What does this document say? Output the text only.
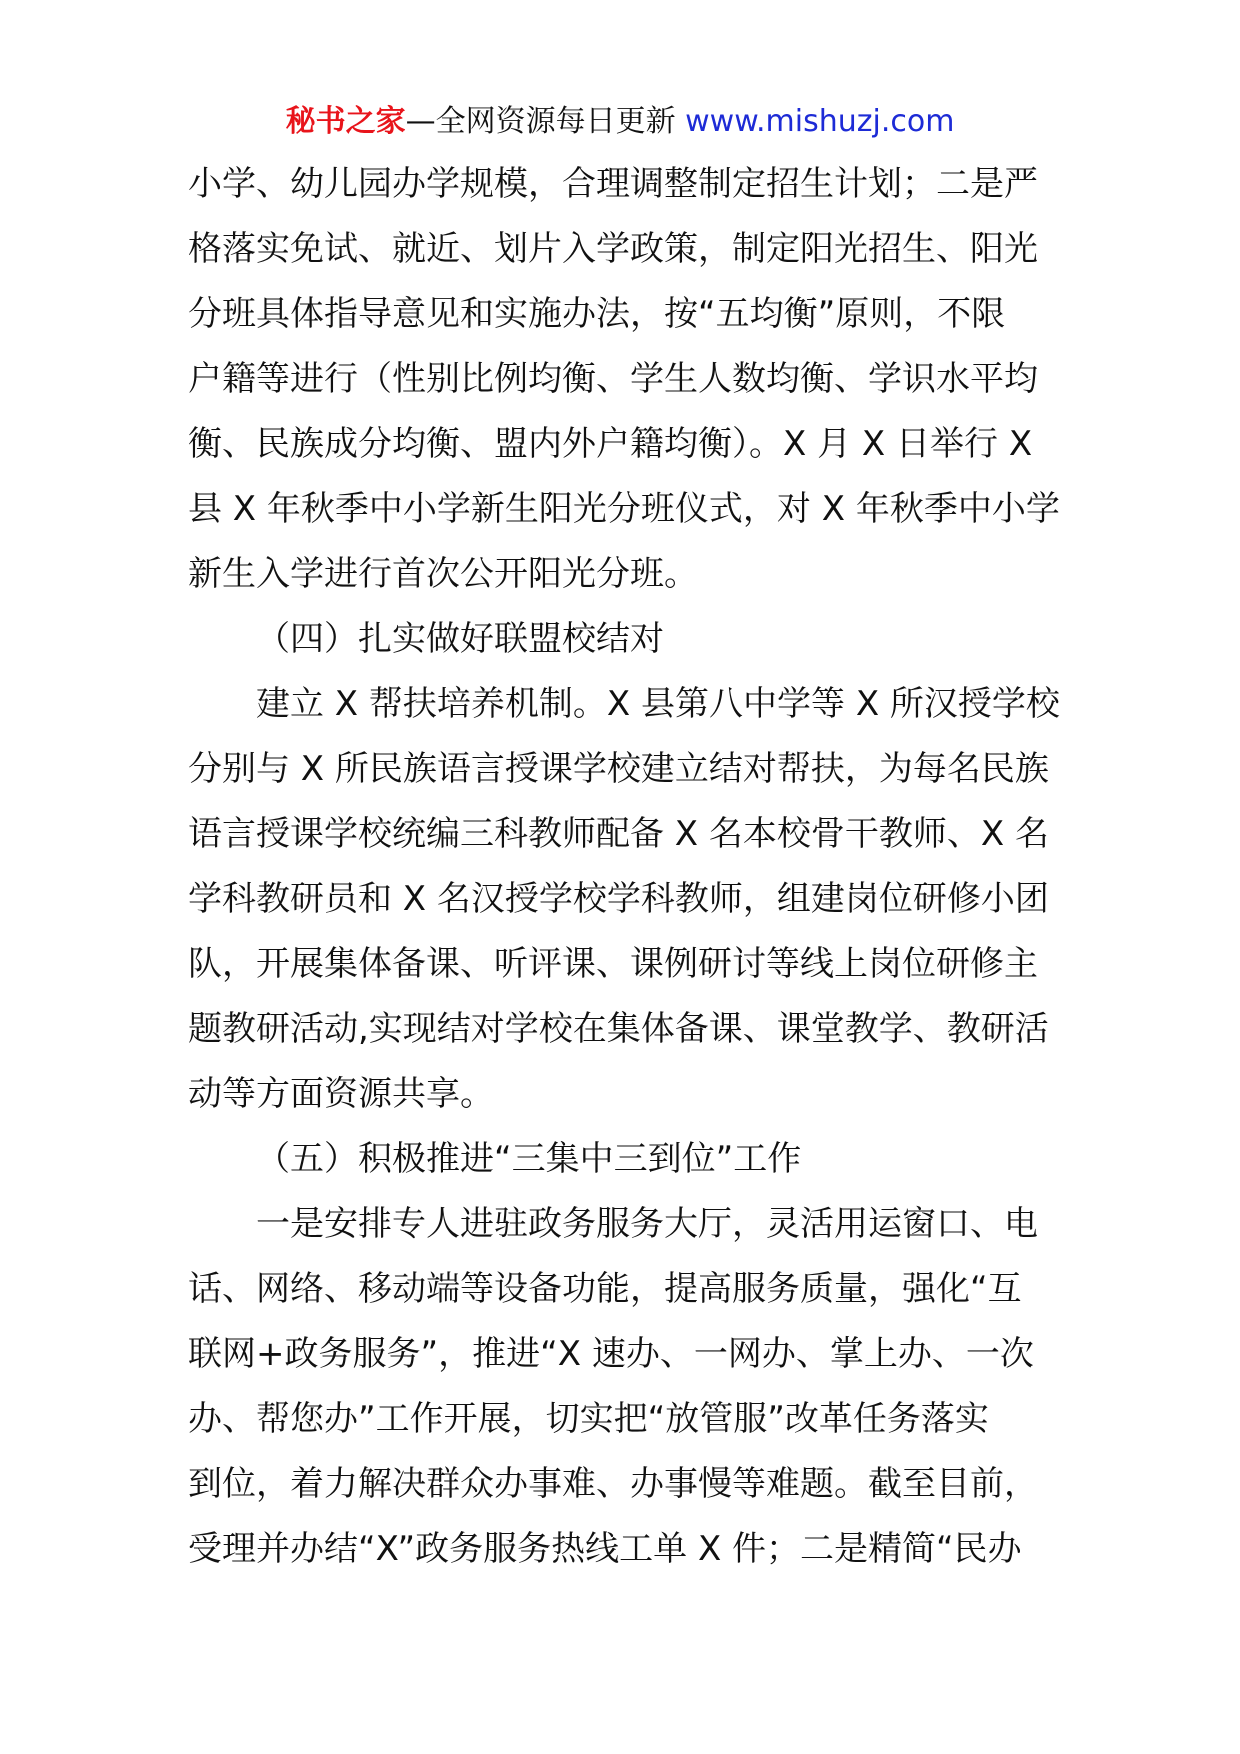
秘书之家—全网资源每日更新 www.mishuzj.com
小学、幼儿园办学规模，合理调整制定招生计划；二是严
格落实免试、就近、划片入学政策，制定阳光招生、阳光
分班具体指导意见和实施办法，按“五均衡”原则，不限
户籍等进行（性别比例均衡、学生人数均衡、学识水平均
衡、民族成分均衡、盟内外户籍均衡）。X 月 X 日举行 X
县 X 年秋季中小学新生阳光分班仪式，对 X 年秋季中小学
新生入学进行首次公开阳光分班。
（四）扎实做好联盟校结对
建立 X 帮扶培养机制。X 县第八中学等 X 所汉授学校
分别与 X 所民族语言授课学校建立结对帮扶，为每名民族
语言授课学校统编三科教师配备 X 名本校骨干教师、X 名
学科教研员和 X 名汉授学校学科教师，组建岗位研修小团
队，开展集体备课、听评课、课例研讨等线上岗位研修主
题教研活动,实现结对学校在集体备课、课堂教学、教研活
动等方面资源共享。
（五）积极推进“三集中三到位”工作
一是安排专人进驻政务服务大厅，灵活用运窗口、电
话、网络、移动端等设备功能，提高服务质量，强化“互
联网+政务服务”，推进“X 速办、一网办、掌上办、一次
办、帮您办”工作开展，切实把“放管服”改革任务落实
到位，着力解决群众办事难、办事慢等难题。截至目前，
受理并办结“X”政务服务热线工单 X 件；二是精简“民办
